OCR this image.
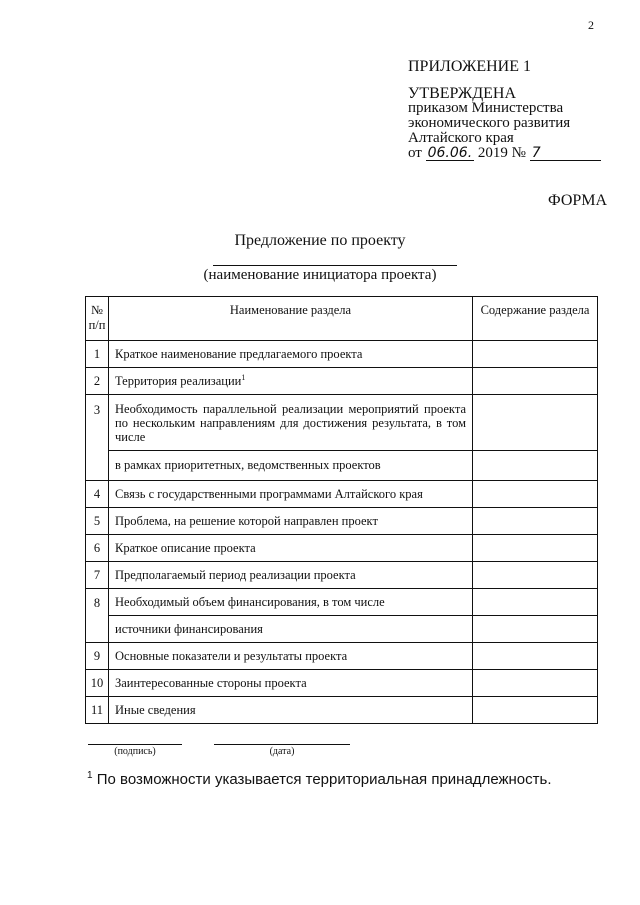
2
ПРИЛОЖЕНИЕ 1
УТВЕРЖДЕНА
приказом Министерства
экономического развития
Алтайского края
от 06.06. 2019 № 7
ФОРМА
Предложение по проекту
(наименование инициатора проекта)
№ п/п	Наименование раздела	Содержание раздела
1	Краткое наименование предлагаемого проекта	
2	Территория реализации$^1$	
3	Необходимость параллельной реализации мероприятий проекта по нескольким направлениям для достижения результата, в том числе	
	в рамках приоритетных, ведомственных проектов	
4	Связь с государственными программами Алтайского края	
5	Проблема, на решение которой направлен проект	
6	Краткое описание проекта	
7	Предполагаемый период реализации проекта	
8	Необходимый объем финансирования, в том числе	
	источники финансирования	
9	Основные показатели и результаты проекта	
10	Заинтересованные стороны проекта	
11	Иные сведения	
(подпись)	(дата)
$^1$ По возможности указывается территориальная принадлежность.
